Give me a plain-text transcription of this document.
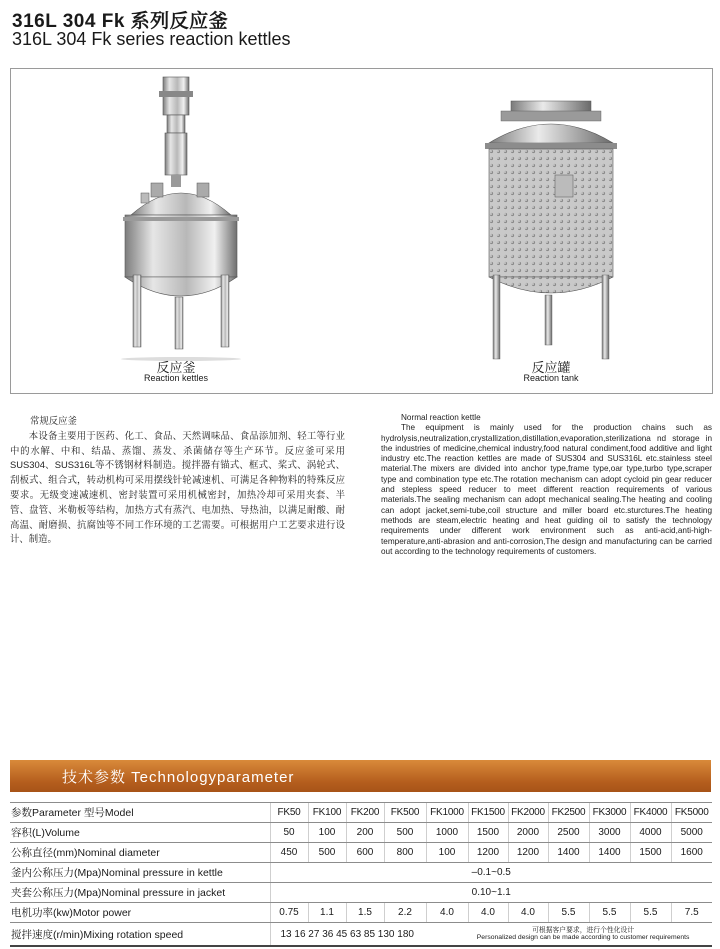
316L 304 Fk 系列反应釜
316L 304 Fk series reaction kettles
反应釜
Reaction kettles
反应罐
Reaction tank
常规反应釜
本设备主要用于医药、化工、食品、天然调味品、食品添加剂、轻工等行业中的水解、中和、结晶、蒸馏、蒸发、杀菌储存等生产环节。反应釜可采用SUS304、SUS316L等不锈钢材料制造。搅拌器有锚式、框式、桨式、涡轮式、刮板式、组合式，转动机构可采用摆线针轮减速机、可满足各种物料的特殊反应要求。无级变速减速机、密封装置可采用机械密封，加热冷却可采用夹套、半管、盘管、米勒板等结构，加热方式有蒸汽、电加热、导热油，以满足耐酸、耐高温、耐磨损、抗腐蚀等不同工作环境的工艺需要。可根据用户工艺要求进行设计、制造。
Normal reaction kettle
The equipment is mainly used for the production chains such as hydrolysis,neutralization,crystallization,distillation,evaporation,sterilizationa nd storage in the industries of medicine,chemical industry,food natural condiment,food additive and light industry etc.The reaction kettles are made of SUS304 and SUS316L etc.stainless steel material.The mixers are divided into anchor type,frame type,oar type,turbo type,scraper type and combination type etc.The rotation mechanism can adopt cycloid pin gear reducer and stepless speed reducer to meet different reaction requirements of various materials.The sealing mechanism can adopt mechanical sealing.The heating and cooling can adopt jacket,semi-tube,coil structure and miller board etc.sturctures.The heating methods are steam,electric heating and heat guiding oil to satisfy the technology requirements under different work environment such as anti-acid,anti-high-temperature,anti-abrasion and anti-corrosion,The design and manufacturing can be carried out according to the technology requirements of customers.
技术参数 Technologyparameter
参数Parameter 型号Model	FK50	FK100	FK200	FK500	FK1000	FK1500	FK2000	FK2500	FK3000	FK4000	FK5000
容积(L)Volume	50	100	200	500	1000	1500	2000	2500	3000	4000	5000
公称直径(mm)Nominal diameter	450	500	600	800	100	1200	1200	1400	1400	1500	1600
釜内公称压力(Mpa)Nominal pressure in kettle	–0.1~0.5										
夹套公称压力(Mpa)Nominal pressure in jacket	0.10~1.1										
电机功率(kw)Motor power	0.75	1.1	1.5	2.2	4.0	4.0	4.0	5.5	5.5	5.5	7.5
搅拌速度(r/min)Mixing rotation speed	13 16 27 36 45 63 85 130 180 可根据客户要求，进行个性化设计
Personalized design can be made according to customer requirements										
